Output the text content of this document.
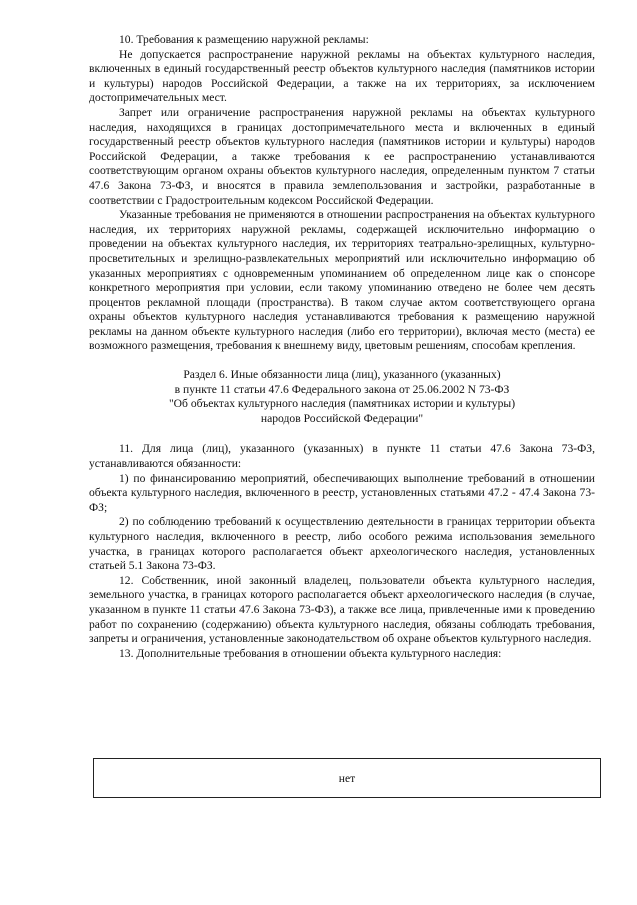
10. Требования к размещению наружной рекламы:

Не допускается распространение наружной рекламы на объектах культурного наследия, включенных в единый государственный реестр объектов культурного наследия (памятников истории и культуры) народов Российской Федерации, а также на их территориях, за исключением достопримечательных мест.

Запрет или ограничение распространения наружной рекламы на объектах культурного наследия, находящихся в границах достопримечательного места и включенных в единый государственный реестр объектов культурного наследия (памятников истории и культуры) народов Российской Федерации, а также требования к ее распространению устанавливаются соответствующим органом охраны объектов культурного наследия, определенным пунктом 7 статьи 47.6 Закона 73-ФЗ, и вносятся в правила землепользования и застройки, разработанные в соответствии с Градостроительным кодексом Российской Федерации.

Указанные требования не применяются в отношении распространения на объектах культурного наследия, их территориях наружной рекламы, содержащей исключительно информацию о проведении на объектах культурного наследия, их территориях театрально-зрелищных, культурно-просветительных и зрелищно-развлекательных мероприятий или исключительно информацию об указанных мероприятиях с одновременным упоминанием об определенном лице как о спонсоре конкретного мероприятия при условии, если такому упоминанию отведено не более чем десять процентов рекламной площади (пространства). В таком случае актом соответствующего органа охраны объектов культурного наследия устанавливаются требования к размещению наружной рекламы на данном объекте культурного наследия (либо его территории), включая место (места) ее возможного размещения, требования к внешнему виду, цветовым решениям, способам крепления.

Раздел 6. Иные обязанности лица (лиц), указанного (указанных)

в пункте 11 статьи 47.6 Федерального закона от 25.06.2002 N 73-ФЗ

"Об объектах культурного наследия (памятниках истории и культуры)

народов Российской Федерации"

11. Для лица (лиц), указанного (указанных) в пункте 11 статьи 47.6 Закона 73-ФЗ, устанавливаются обязанности:

1) по финансированию мероприятий, обеспечивающих выполнение требований в отношении объекта культурного наследия, включенного в реестр, установленных статьями 47.2 - 47.4 Закона 73-ФЗ;

2) по соблюдению требований к осуществлению деятельности в границах территории объекта культурного наследия, включенного в реестр, либо особого режима использования земельного участка, в границах которого располагается объект археологического наследия, установленных статьей 5.1 Закона 73-ФЗ.

12. Собственник, иной законный владелец, пользователи объекта культурного наследия, земельного участка, в границах которого располагается объект археологического наследия (в случае, указанном в пункте 11 статьи 47.6 Закона 73-ФЗ), а также все лица, привлеченные ими к проведению работ по сохранению (содержанию) объекта культурного наследия, обязаны соблюдать требования, запреты и ограничения, установленные законодательством об охране объектов культурного наследия.

13. Дополнительные требования в отношении объекта культурного наследия:

нет
